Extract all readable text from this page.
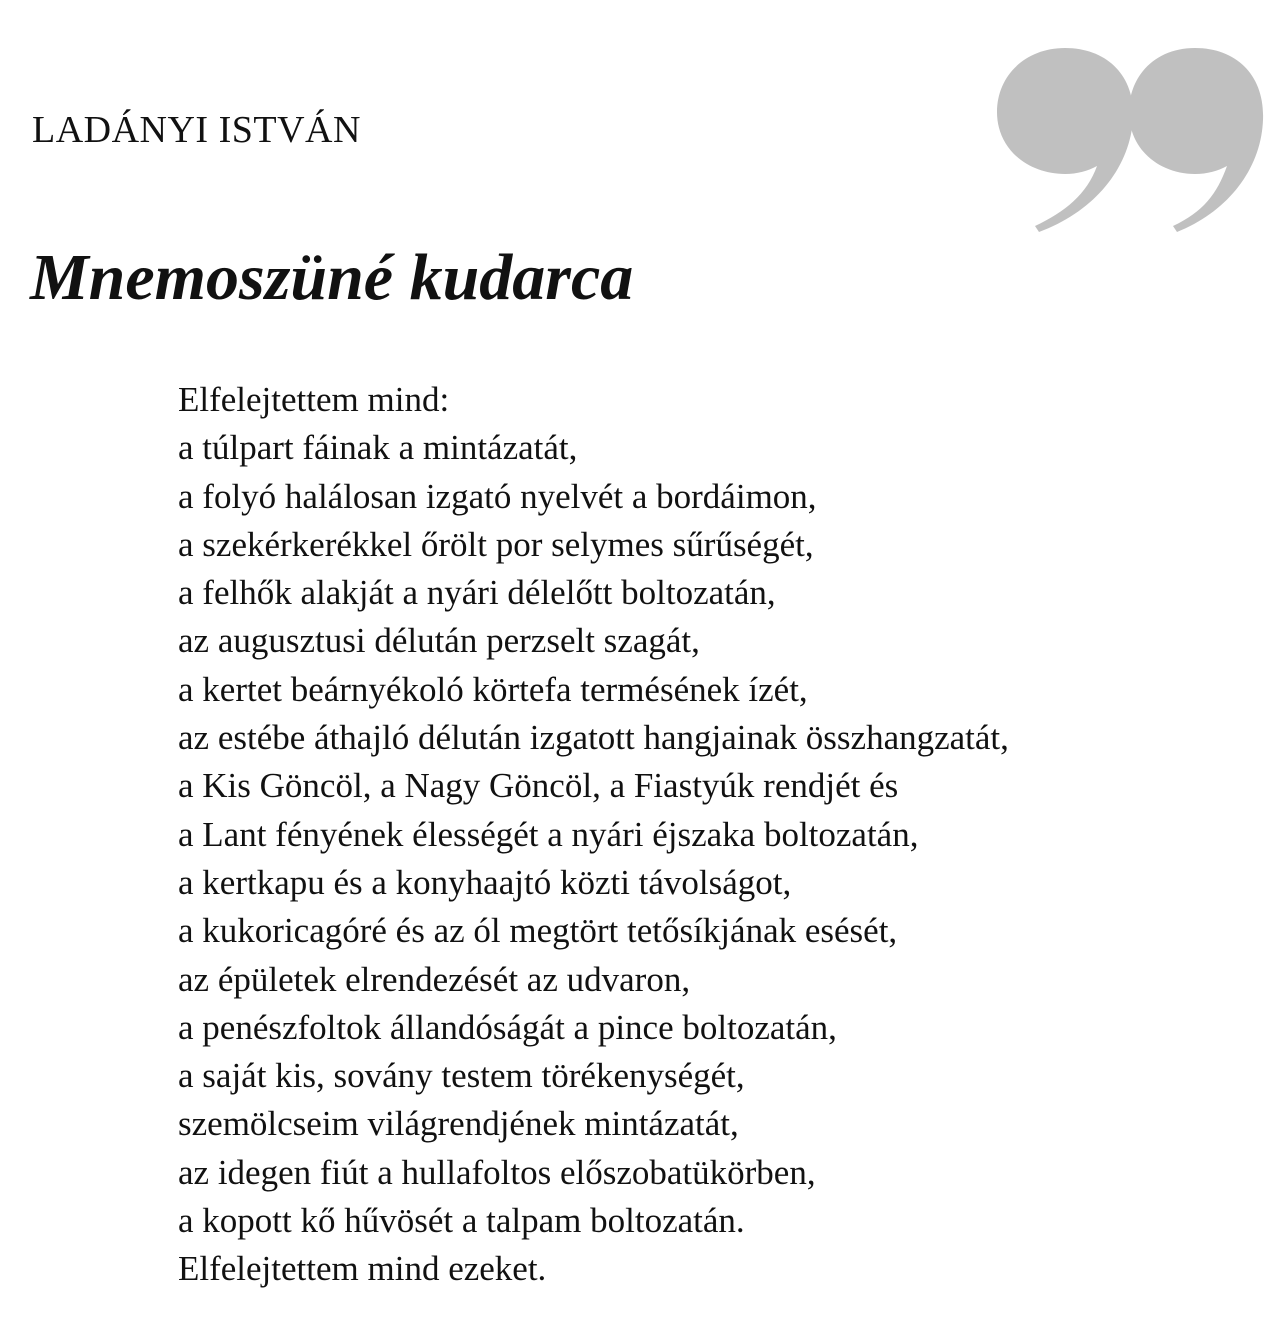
LADÁNYI ISTVÁN
Mnemoszüné kudarca
Elfelejtettem mind:
a túlpart fáinak a mintázatát,
a folyó halálosan izgató nyelvét a bordáimon,
a szekérkerékkel őrölt por selymes sűrűségét,
a felhők alakját a nyári délelőtt boltozatán,
az augusztusi délután perzselt szagát,
a kertet beárnyékoló körtefa termésének ízét,
az estébe áthajló délután izgatott hangjainak összhangzatát,
a Kis Göncöl, a Nagy Göncöl, a Fiastyúk rendjét és
a Lant fényének élességét a nyári éjszaka boltozatán,
a kertkapu és a konyhaajtó közti távolságot,
a kukoricagóré és az ól megtört tetősíkjának esését,
az épületek elrendezését az udvaron,
a penészfoltok állandóságát a pince boltozatán,
a saját kis, sovány testem törékenységét,
szemölcseim világrendjének mintázatát,
az idegen fiút a hullafoltos előszobatükörben,
a kopott kő hűvösét a talpam boltozatán.
Elfelejtettem mind ezeket.
